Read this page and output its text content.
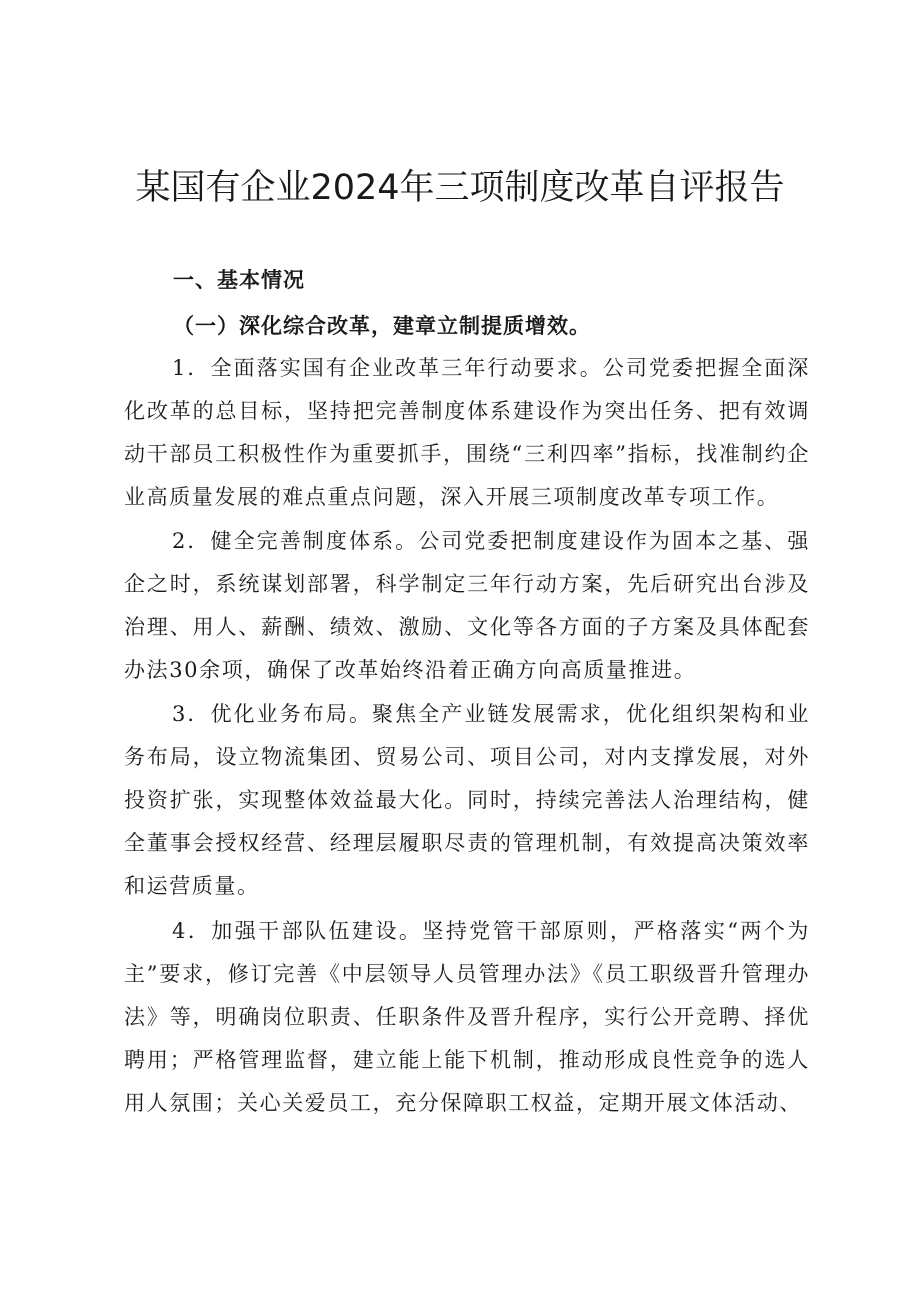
某国有企业2024年三项制度改革自评报告
一、基本情况
（一）深化综合改革，建章立制提质增效。

1．全面落实国有企业改革三年行动要求。公司党委把握全面深化改革的总目标，坚持把完善制度体系建设作为突出任务、把有效调动干部员工积极性作为重要抓手，围绕“三利四率”指标，找准制约企业高质量发展的难点重点问题，深入开展三项制度改革专项工作。

2．健全完善制度体系。公司党委把制度建设作为固本之基、强企之时，系统谋划部署，科学制定三年行动方案，先后研究出台涉及治理、用人、薪酬、绩效、激励、文化等各方面的子方案及具体配套办法30余项，确保了改革始终沿着正确方向高质量推进。

3．优化业务布局。聚焦全产业链发展需求，优化组织架构和业务布局，设立物流集团、贸易公司、项目公司，对内支撑发展，对外投资扩张，实现整体效益最大化。同时，持续完善法人治理结构，健全董事会授权经营、经理层履职尽责的管理机制，有效提高决策效率和运营质量。

4．加强干部队伍建设。坚持党管干部原则，严格落实“两个为主”要求，修订完善《中层领导人员管理办法》《员工职级晋升管理办法》等，明确岗位职责、任职条件及晋升程序，实行公开竞聘、择优聘用；严格管理监督，建立能上能下机制，推动形成良性竞争的选人用人氛围；关心关爱员工，充分保障职工权益，定期开展文体活动、
